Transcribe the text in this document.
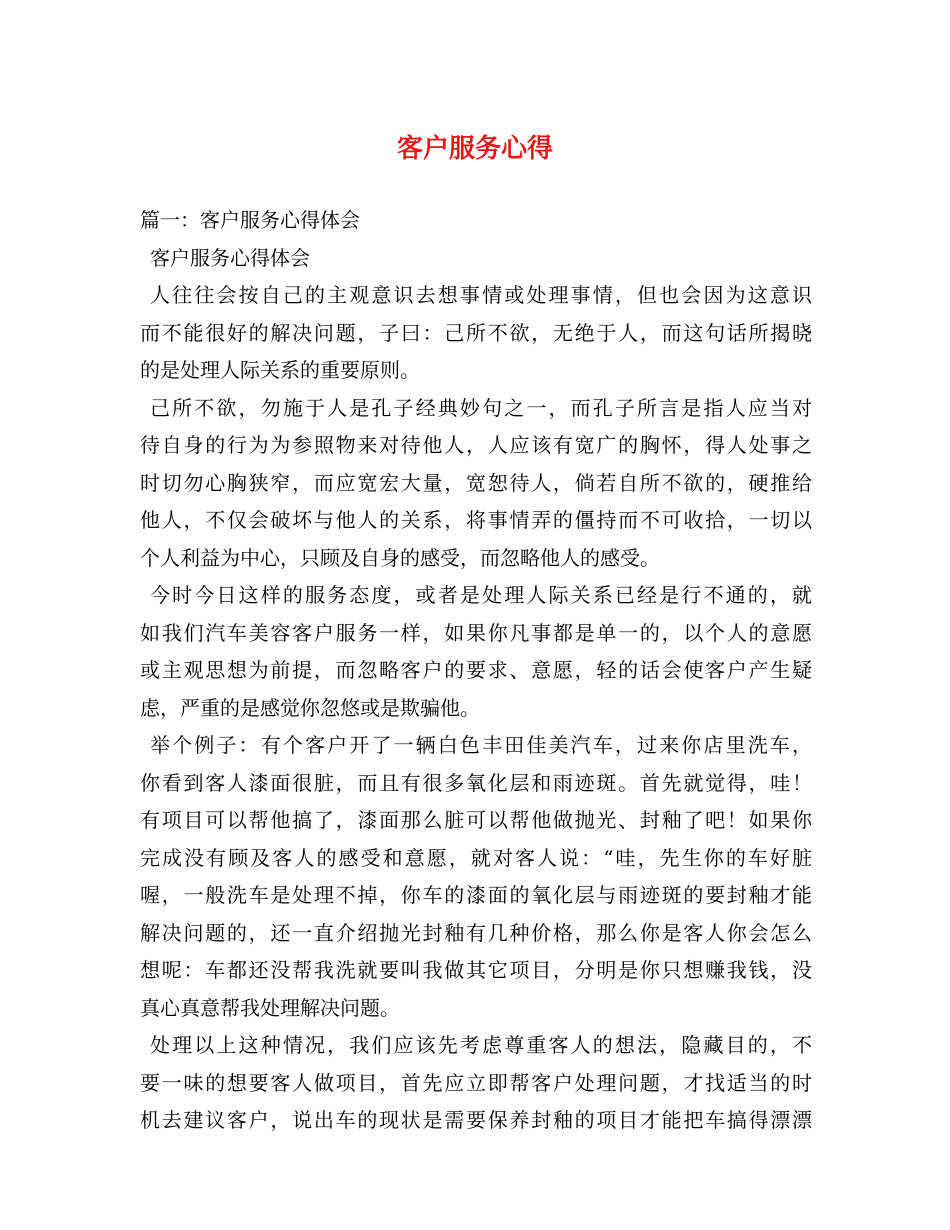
客户服务心得
篇一：客户服务心得体会
客户服务心得体会
人往往会按自己的主观意识去想事情或处理事情，但也会因为这意识
而不能很好的解决问题，子曰：己所不欲，无绝于人，而这句话所揭晓
的是处理人际关系的重要原则。
己所不欲，勿施于人是孔子经典妙句之一，而孔子所言是指人应当对
待自身的行为为参照物来对待他人，人应该有宽广的胸怀，得人处事之
时切勿心胸狭窄，而应宽宏大量，宽恕待人，倘若自所不欲的，硬推给
他人，不仅会破坏与他人的关系，将事情弄的僵持而不可收拾，一切以
个人利益为中心，只顾及自身的感受，而忽略他人的感受。
今时今日这样的服务态度，或者是处理人际关系已经是行不通的，就
如我们汽车美容客户服务一样，如果你凡事都是单一的，以个人的意愿
或主观思想为前提，而忽略客户的要求、意愿，轻的话会使客户产生疑
虑，严重的是感觉你忽悠或是欺骗他。
举个例子：有个客户开了一辆白色丰田佳美汽车，过来你店里洗车，
你看到客人漆面很脏，而且有很多氧化层和雨迹斑。首先就觉得，哇！
有项目可以帮他搞了，漆面那么脏可以帮他做抛光、封釉了吧！如果你
完成没有顾及客人的感受和意愿，就对客人说：“哇，先生你的车好脏
喔，一般洗车是处理不掉，你车的漆面的氧化层与雨迹斑的要封釉才能
解决问题的，还一直介绍抛光封釉有几种价格，那么你是客人你会怎么
想呢：车都还没帮我洗就要叫我做其它项目，分明是你只想赚我钱，没
真心真意帮我处理解决问题。
处理以上这种情况，我们应该先考虑尊重客人的想法，隐藏目的，不
要一味的想要客人做项目，首先应立即帮客户处理问题，才找适当的时
机去建议客户，说出车的现状是需要保养封釉的项目才能把车搞得漂漂
